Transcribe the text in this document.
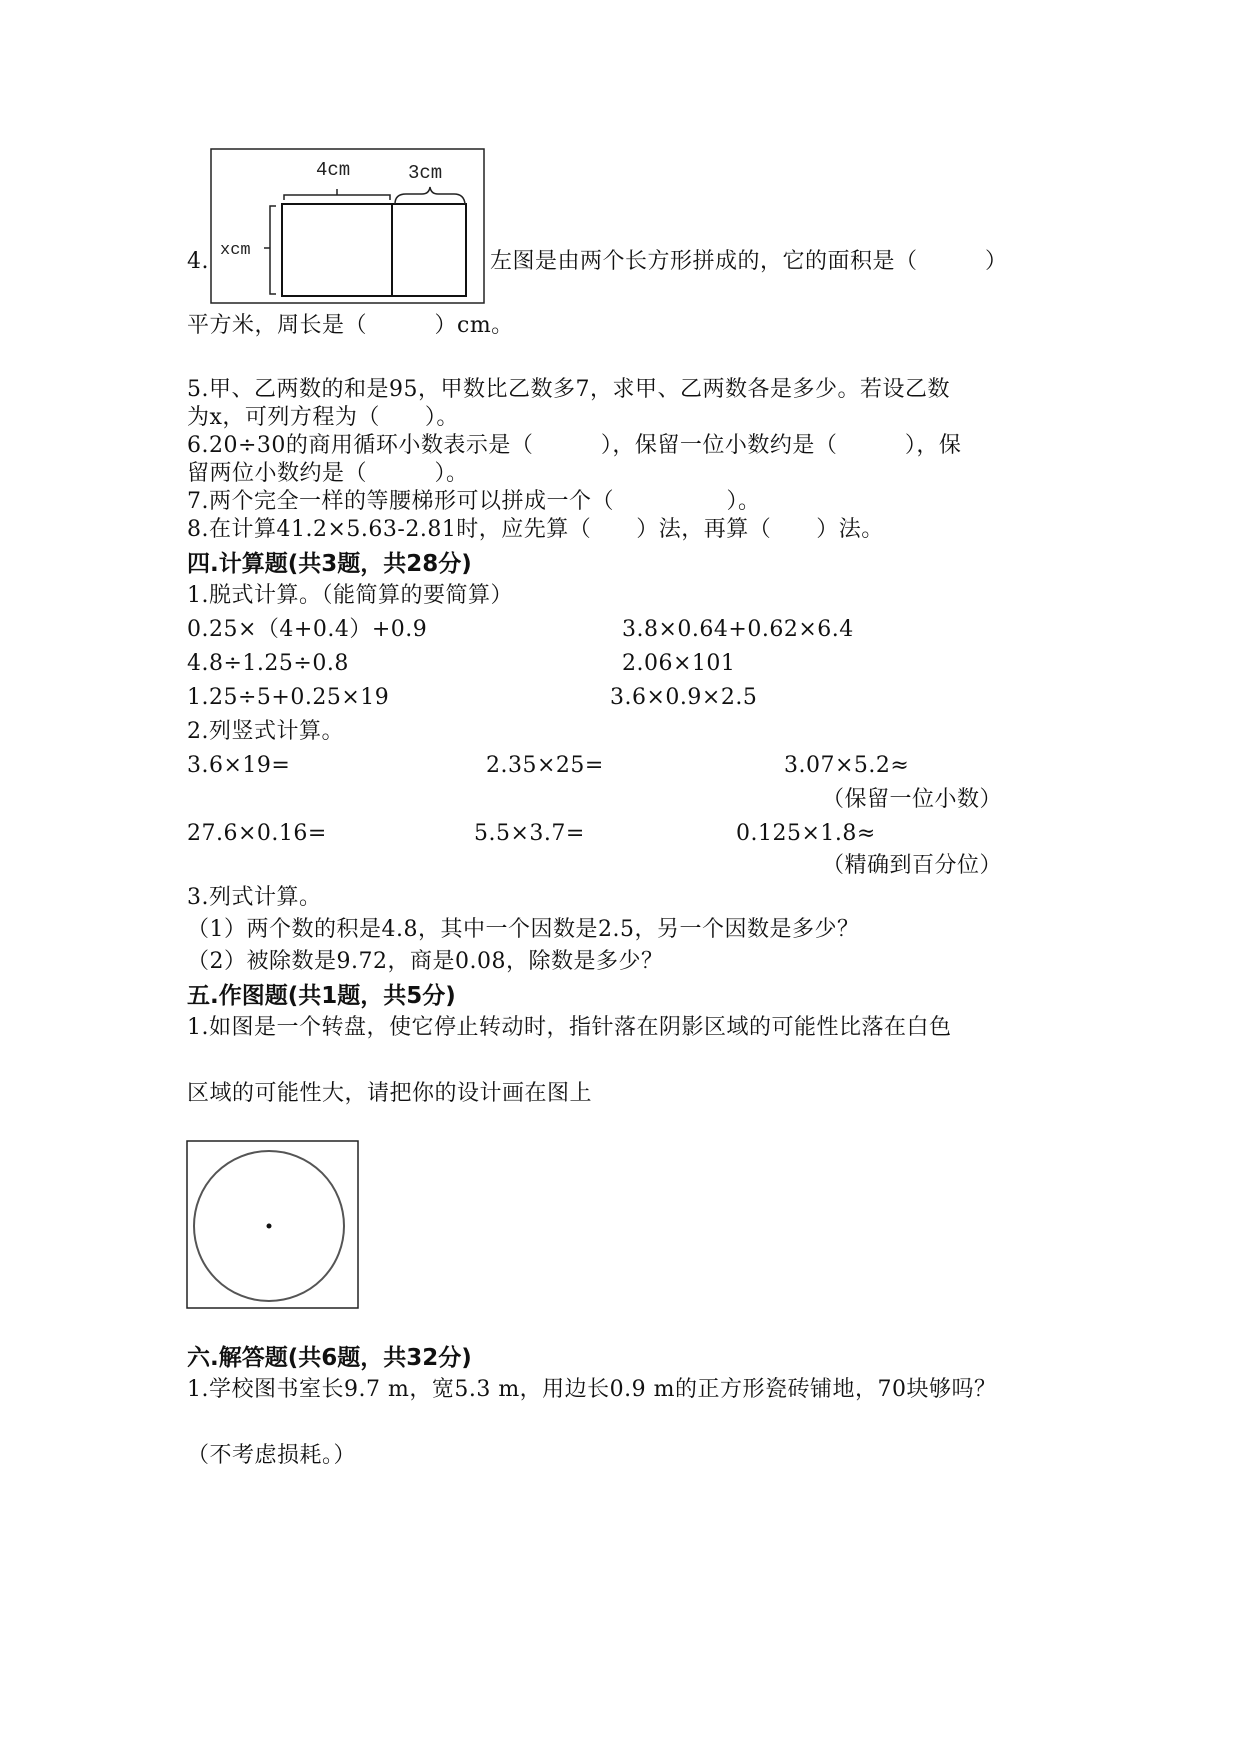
4.
4cm	3cm
xcm	左图是由两个长方形拼成的，它的面积是（　　　）
平方米，周长是（　　　）cm。
5.甲、乙两数的和是95，甲数比乙数多7，求甲、乙两数各是多少。若设乙数
为x，可列方程为（　　）。
6.20÷30的商用循环小数表示是（　　　），保留一位小数约是（　　　），保
留两位小数约是（　　　）。
7.两个完全一样的等腰梯形可以拼成一个（　　　　　）。
8.在计算41.2×5.63-2.81时，应先算（　　）法，再算（　　）法。
四.计算题(共3题，共28分)
1.脱式计算。（能简算的要简算）
0.25×（4+0.4）+0.9	3.8×0.64+0.62×6.4
4.8÷1.25÷0.8	2.06×101
1.25÷5+0.25×19	3.6×0.9×2.5
2.列竖式计算。
3.6×19=	2.35×25=	3.07×5.2≈
（保留一位小数）
27.6×0.16=	5.5×3.7=	0.125×1.8≈
（精确到百分位）
3.列式计算。
（1）两个数的积是4.8，其中一个因数是2.5，另一个因数是多少？
（2）被除数是9.72，商是0.08，除数是多少？
五.作图题(共1题，共5分)
1.如图是一个转盘，使它停止转动时，指针落在阴影区域的可能性比落在白色
区域的可能性大，请把你的设计画在图上
六.解答题(共6题，共32分)
1.学校图书室长9.7 m，宽5.3 m，用边长0.9 m的正方形瓷砖铺地，70块够吗？
（不考虑损耗。）
